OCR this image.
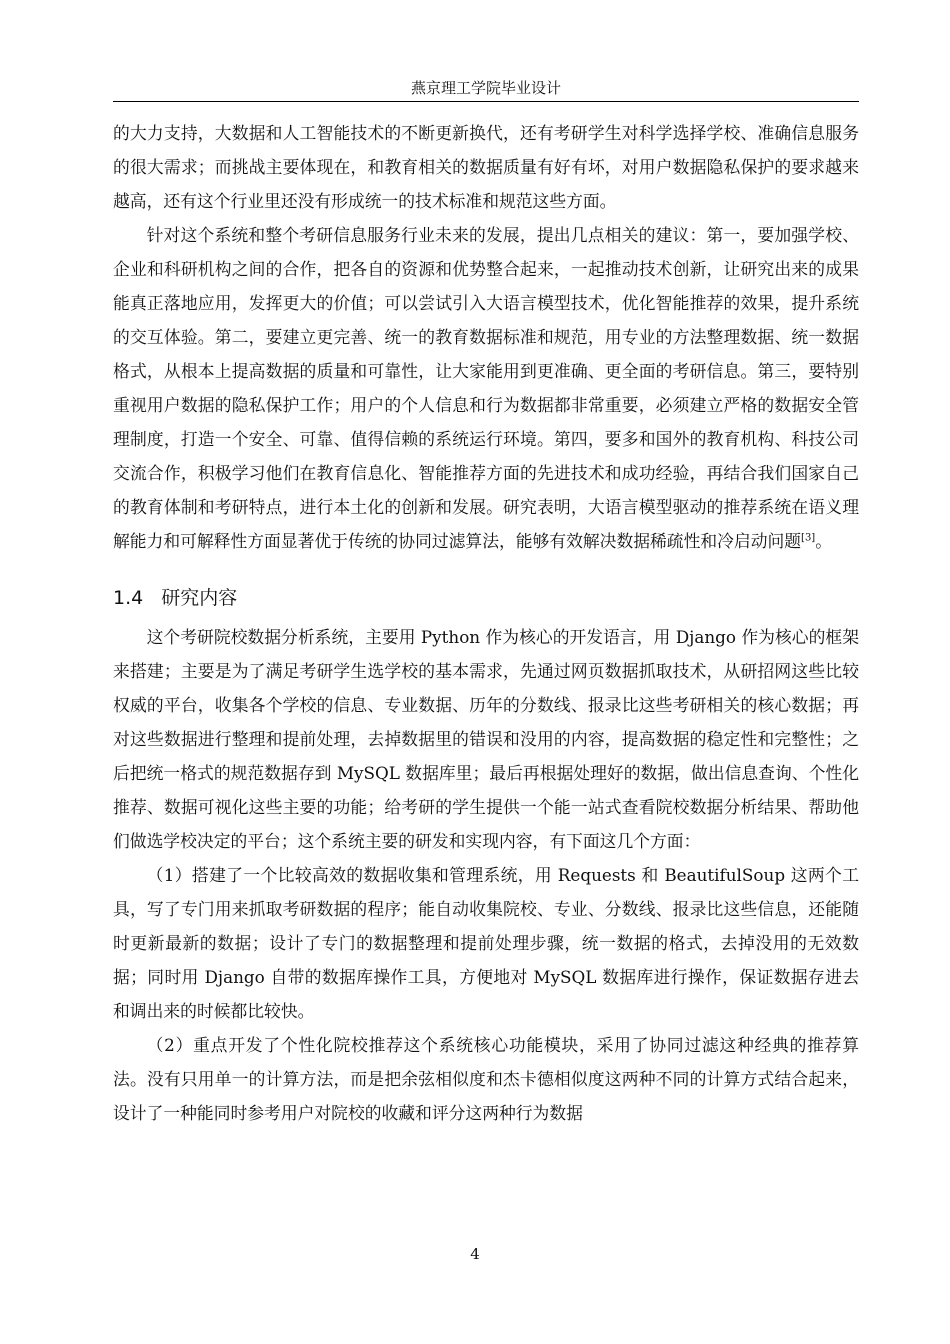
燕京理工学院毕业设计

的大力支持，大数据和人工智能技术的不断更新换代，还有考研学生对科学选择学校、准确信息服务的很大需求；而挑战主要体现在，和教育相关的数据质量有好有坏，对用户数据隐私保护的要求越来越高，还有这个行业里还没有形成统一的技术标准和规范这些方面。

针对这个系统和整个考研信息服务行业未来的发展，提出几点相关的建议：第一，要加强学校、企业和科研机构之间的合作，把各自的资源和优势整合起来，一起推动技术创新，让研究出来的成果能真正落地应用，发挥更大的价值；可以尝试引入大语言模型技术，优化智能推荐的效果，提升系统的交互体验。第二，要建立更完善、统一的教育数据标准和规范，用专业的方法整理数据、统一数据格式，从根本上提高数据的质量和可靠性，让大家能用到更准确、更全面的考研信息。第三，要特别重视用户数据的隐私保护工作；用户的个人信息和行为数据都非常重要，必须建立严格的数据安全管理制度，打造一个安全、可靠、值得信赖的系统运行环境。第四，要多和国外的教育机构、科技公司交流合作，积极学习他们在教育信息化、智能推荐方面的先进技术和成功经验，再结合我们国家自己的教育体制和考研特点，进行本土化的创新和发展。研究表明，大语言模型驱动的推荐系统在语义理解能力和可解释性方面显著优于传统的协同过滤算法，能够有效解决数据稀疏性和冷启动问题[3]。

1.4 研究内容

这个考研院校数据分析系统，主要用 Python 作为核心的开发语言，用 Django 作为核心的框架来搭建；主要是为了满足考研学生选学校的基本需求，先通过网页数据抓取技术，从研招网这些比较权威的平台，收集各个学校的信息、专业数据、历年的分数线、报录比这些考研相关的核心数据；再对这些数据进行整理和提前处理，去掉数据里的错误和没用的内容，提高数据的稳定性和完整性；之后把统一格式的规范数据存到 MySQL 数据库里；最后再根据处理好的数据，做出信息查询、个性化推荐、数据可视化这些主要的功能；给考研的学生提供一个能一站式查看院校数据分析结果、帮助他们做选学校决定的平台；这个系统主要的研发和实现内容，有下面这几个方面：

（1）搭建了一个比较高效的数据收集和管理系统，用 Requests 和 BeautifulSoup 这两个工具，写了专门用来抓取考研数据的程序；能自动收集院校、专业、分数线、报录比这些信息，还能随时更新最新的数据；设计了专门的数据整理和提前处理步骤，统一数据的格式，去掉没用的无效数据；同时用 Django 自带的数据库操作工具，方便地对 MySQL 数据库进行操作，保证数据存进去和调出来的时候都比较快。

（2）重点开发了个性化院校推荐这个系统核心功能模块，采用了协同过滤这种经典的推荐算法。没有只用单一的计算方法，而是把余弦相似度和杰卡德相似度这两种不同的计算方式结合起来，设计了一种能同时参考用户对院校的收藏和评分这两种行为数据

4
